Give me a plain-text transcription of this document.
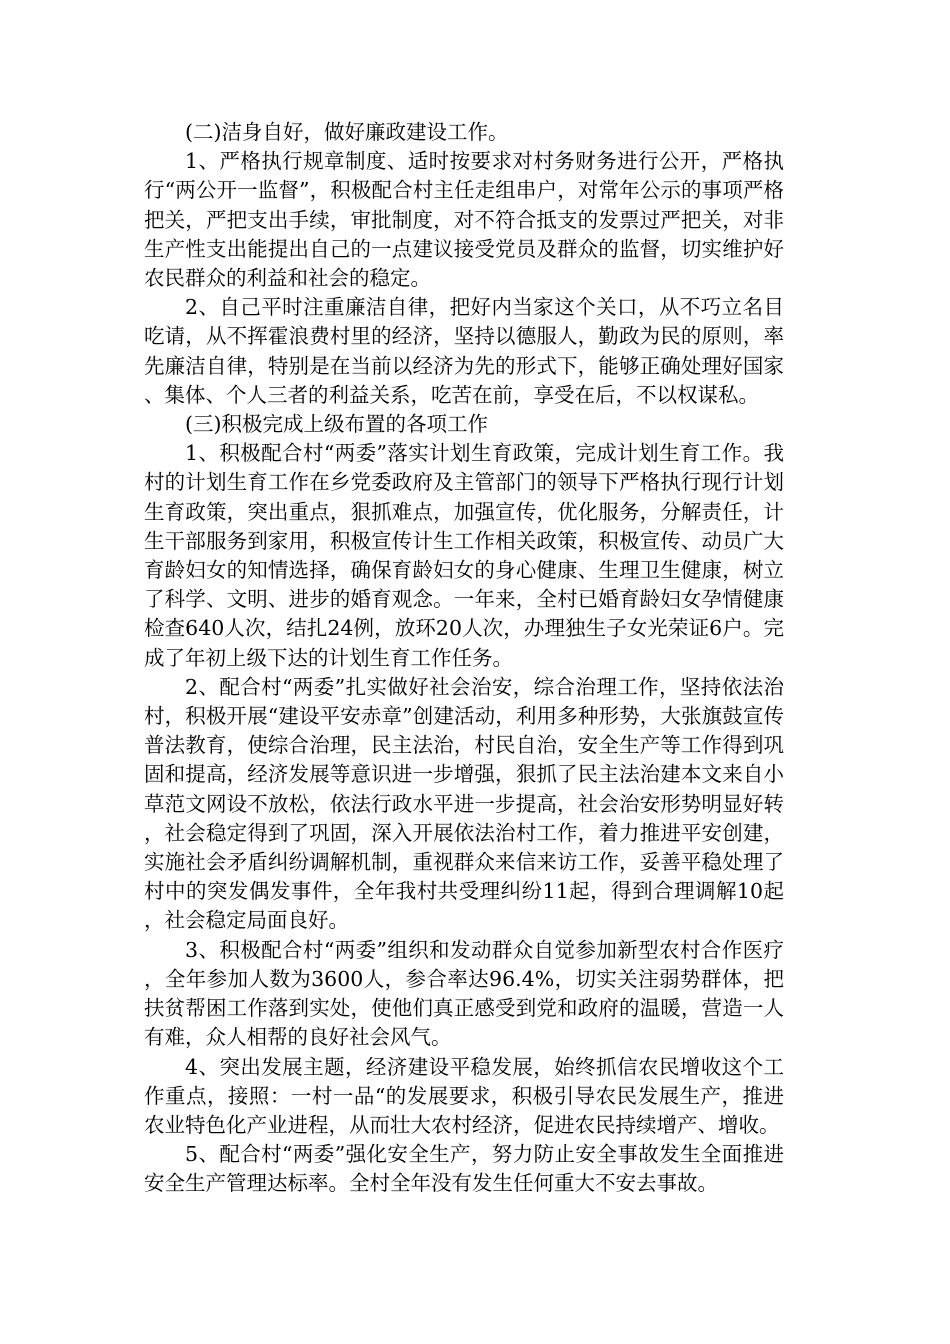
(二)洁身自好，做好廉政建设工作。

1、严格执行规章制度、适时按要求对村务财务进行公开，严格执行“两公开一监督”，积极配合村主任走组串户，对常年公示的事项严格把关，严把支出手续，审批制度，对不符合抵支的发票过严把关，对非生产性支出能提出自己的一点建议接受党员及群众的监督，切实维护好农民群众的利益和社会的稳定。

2、自己平时注重廉洁自律，把好内当家这个关口，从不巧立名目吃请，从不挥霍浪费村里的经济，坚持以德服人，勤政为民的原则，率先廉洁自律，特别是在当前以经济为先的形式下，能够正确处理好国家、集体、个人三者的利益关系，吃苦在前，享受在后，不以权谋私。

(三)积极完成上级布置的各项工作

1、积极配合村“两委”落实计划生育政策，完成计划生育工作。我村的计划生育工作在乡党委政府及主管部门的领导下严格执行现行计划生育政策，突出重点，狠抓难点，加强宣传，优化服务，分解责任，计生干部服务到家用，积极宣传计生工作相关政策，积极宣传、动员广大育龄妇女的知情选择，确保育龄妇女的身心健康、生理卫生健康，树立了科学、文明、进步的婚育观念。一年来，全村已婚育龄妇女孕情健康检查640人次，结扎24例，放环20人次，办理独生子女光荣证6户。完成了年初上级下达的计划生育工作任务。

2、配合村“两委”扎实做好社会治安，综合治理工作，坚持依法治村，积极开展“建设平安赤章”创建活动，利用多种形势，大张旗鼓宣传普法教育，使综合治理，民主法治，村民自治，安全生产等工作得到巩固和提高，经济发展等意识进一步增强，狠抓了民主法治建本文来自小草范文网设不放松，依法行政水平进一步提高，社会治安形势明显好转，社会稳定得到了巩固，深入开展依法治村工作，着力推进平安创建，实施社会矛盾纠纷调解机制，重视群众来信来访工作，妥善平稳处理了村中的突发偶发事件，全年我村共受理纠纷11起，得到合理调解10起，社会稳定局面良好。

3、积极配合村“两委”组织和发动群众自觉参加新型农村合作医疗，全年参加人数为3600人，参合率达96.4%，切实关注弱势群体，把扶贫帮困工作落到实处，使他们真正感受到党和政府的温暖，营造一人有难，众人相帮的良好社会风气。

4、突出发展主题，经济建设平稳发展，始终抓信农民增收这个工作重点，接照：一村一品“的发展要求，积极引导农民发展生产，推进农业特色化产业进程，从而壮大农村经济，促进农民持续增产、增收。

5、配合村“两委”强化安全生产，努力防止安全事故发生全面推进安全生产管理达标率。全村全年没有发生任何重大不安去事故。
